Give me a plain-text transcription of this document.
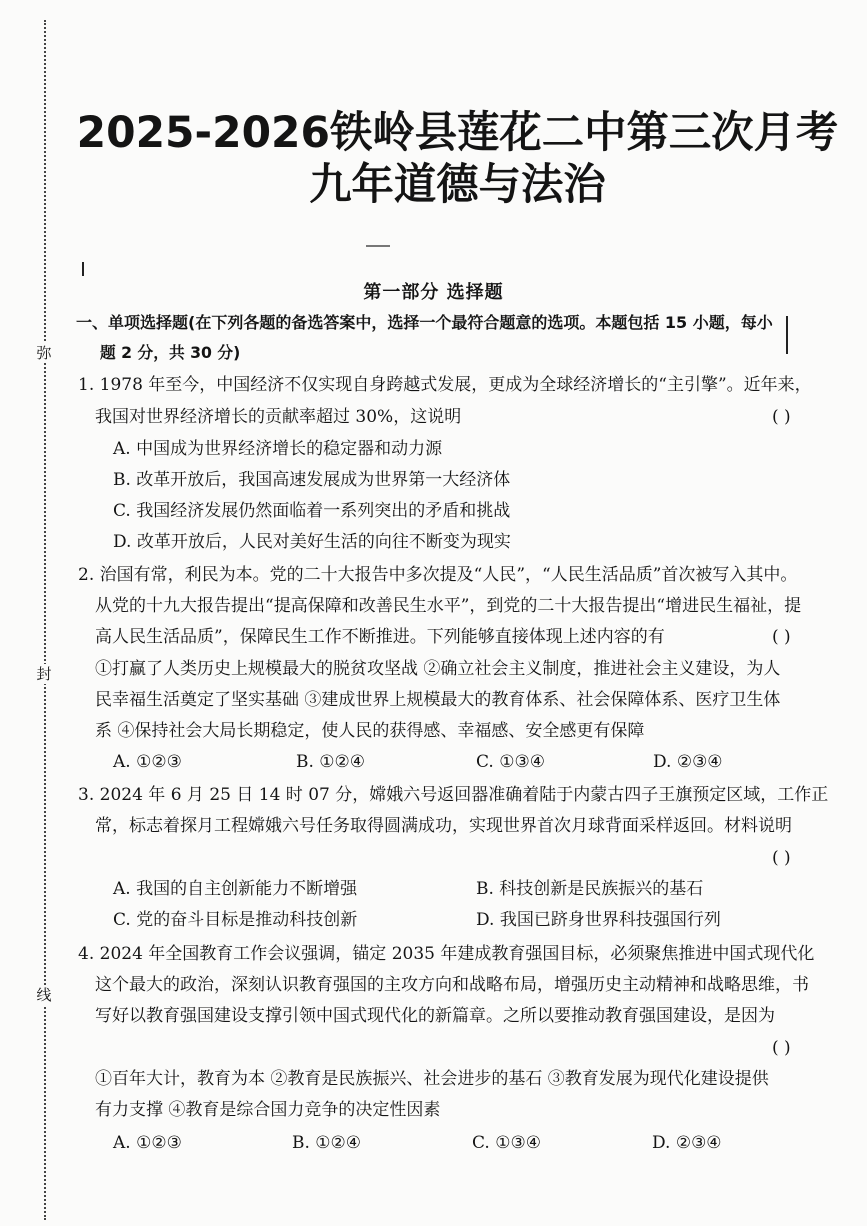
弥
封
线
2025-2026铁岭县莲花二中第三次月考
九年道德与法治
第一部分 选择题
一、单项选择题(在下列各题的备选答案中，选择一个最符合题意的选项。本题包括 15 小题，每小
题 2 分，共 30 分)
1. 1978 年至今，中国经济不仅实现自身跨越式发展，更成为全球经济增长的“主引擎”。近年来，
我国对世界经济增长的贡献率超过 30%，这说明	( )
A. 中国成为世界经济增长的稳定器和动力源
B. 改革开放后，我国高速发展成为世界第一大经济体
C. 我国经济发展仍然面临着一系列突出的矛盾和挑战
D. 改革开放后，人民对美好生活的向往不断变为现实
2. 治国有常，利民为本。党的二十大报告中多次提及“人民”，“人民生活品质”首次被写入其中。
从党的十九大报告提出“提高保障和改善民生水平”，到党的二十大报告提出“增进民生福祉，提
高人民生活品质”，保障民生工作不断推进。下列能够直接体现上述内容的有	( )
①打赢了人类历史上规模最大的脱贫攻坚战 ②确立社会主义制度，推进社会主义建设，为人
民幸福生活奠定了坚实基础 ③建成世界上规模最大的教育体系、社会保障体系、医疗卫生体
系 ④保持社会大局长期稳定，使人民的获得感、幸福感、安全感更有保障
A. ①②③	B. ①②④	C. ①③④	D. ②③④
3. 2024 年 6 月 25 日 14 时 07 分，嫦娥六号返回器准确着陆于内蒙古四子王旗预定区域，工作正
常，标志着探月工程嫦娥六号任务取得圆满成功，实现世界首次月球背面采样返回。材料说明
( )
A. 我国的自主创新能力不断增强	B. 科技创新是民族振兴的基石
C. 党的奋斗目标是推动科技创新	D. 我国已跻身世界科技强国行列
4. 2024 年全国教育工作会议强调，锚定 2035 年建成教育强国目标，必须聚焦推进中国式现代化
这个最大的政治，深刻认识教育强国的主攻方向和战略布局，增强历史主动精神和战略思维，书
写好以教育强国建设支撑引领中国式现代化的新篇章。之所以要推动教育强国建设，是因为
( )
①百年大计，教育为本 ②教育是民族振兴、社会进步的基石 ③教育发展为现代化建设提供
有力支撑 ④教育是综合国力竞争的决定性因素
A. ①②③	B. ①②④	C. ①③④	D. ②③④
